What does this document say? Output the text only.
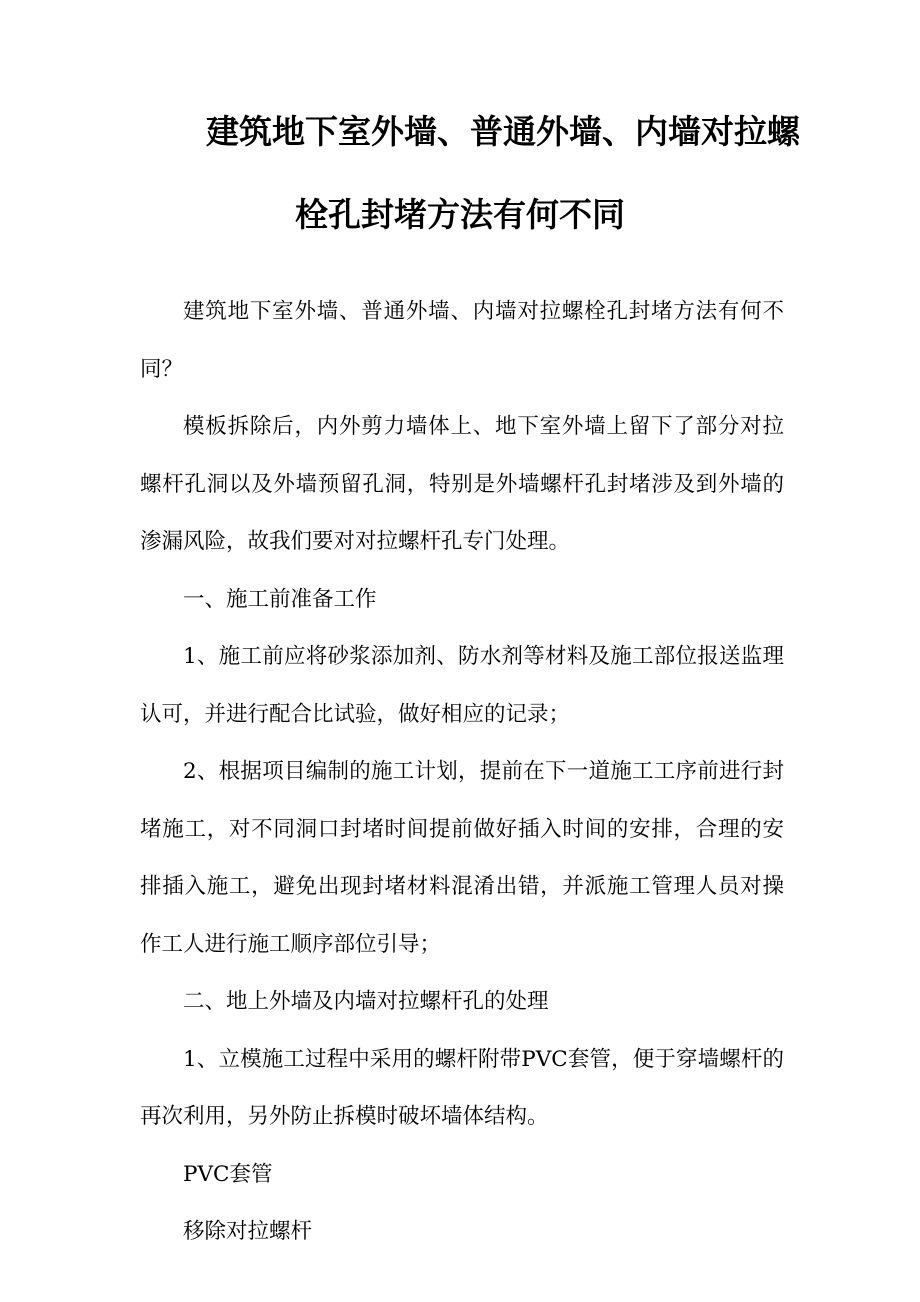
建筑地下室外墙、普通外墙、内墙对拉螺
栓孔封堵方法有何不同

建筑地下室外墙、普通外墙、内墙对拉螺栓孔封堵方法有何不同？

模板拆除后，内外剪力墙体上、地下室外墙上留下了部分对拉螺杆孔洞以及外墙预留孔洞，特别是外墙螺杆孔封堵涉及到外墙的渗漏风险，故我们要对对拉螺杆孔专门处理。

一、施工前准备工作

1、施工前应将砂浆添加剂、防水剂等材料及施工部位报送监理认可，并进行配合比试验，做好相应的记录；

2、根据项目编制的施工计划，提前在下一道施工工序前进行封堵施工，对不同洞口封堵时间提前做好插入时间的安排，合理的安排插入施工，避免出现封堵材料混淆出错，并派施工管理人员对操作工人进行施工顺序部位引导；

二、地上外墙及内墙对拉螺杆孔的处理

1、立模施工过程中采用的螺杆附带PVC套管，便于穿墙螺杆的再次利用，另外防止拆模时破坏墙体结构。

PVC套管

移除对拉螺杆
